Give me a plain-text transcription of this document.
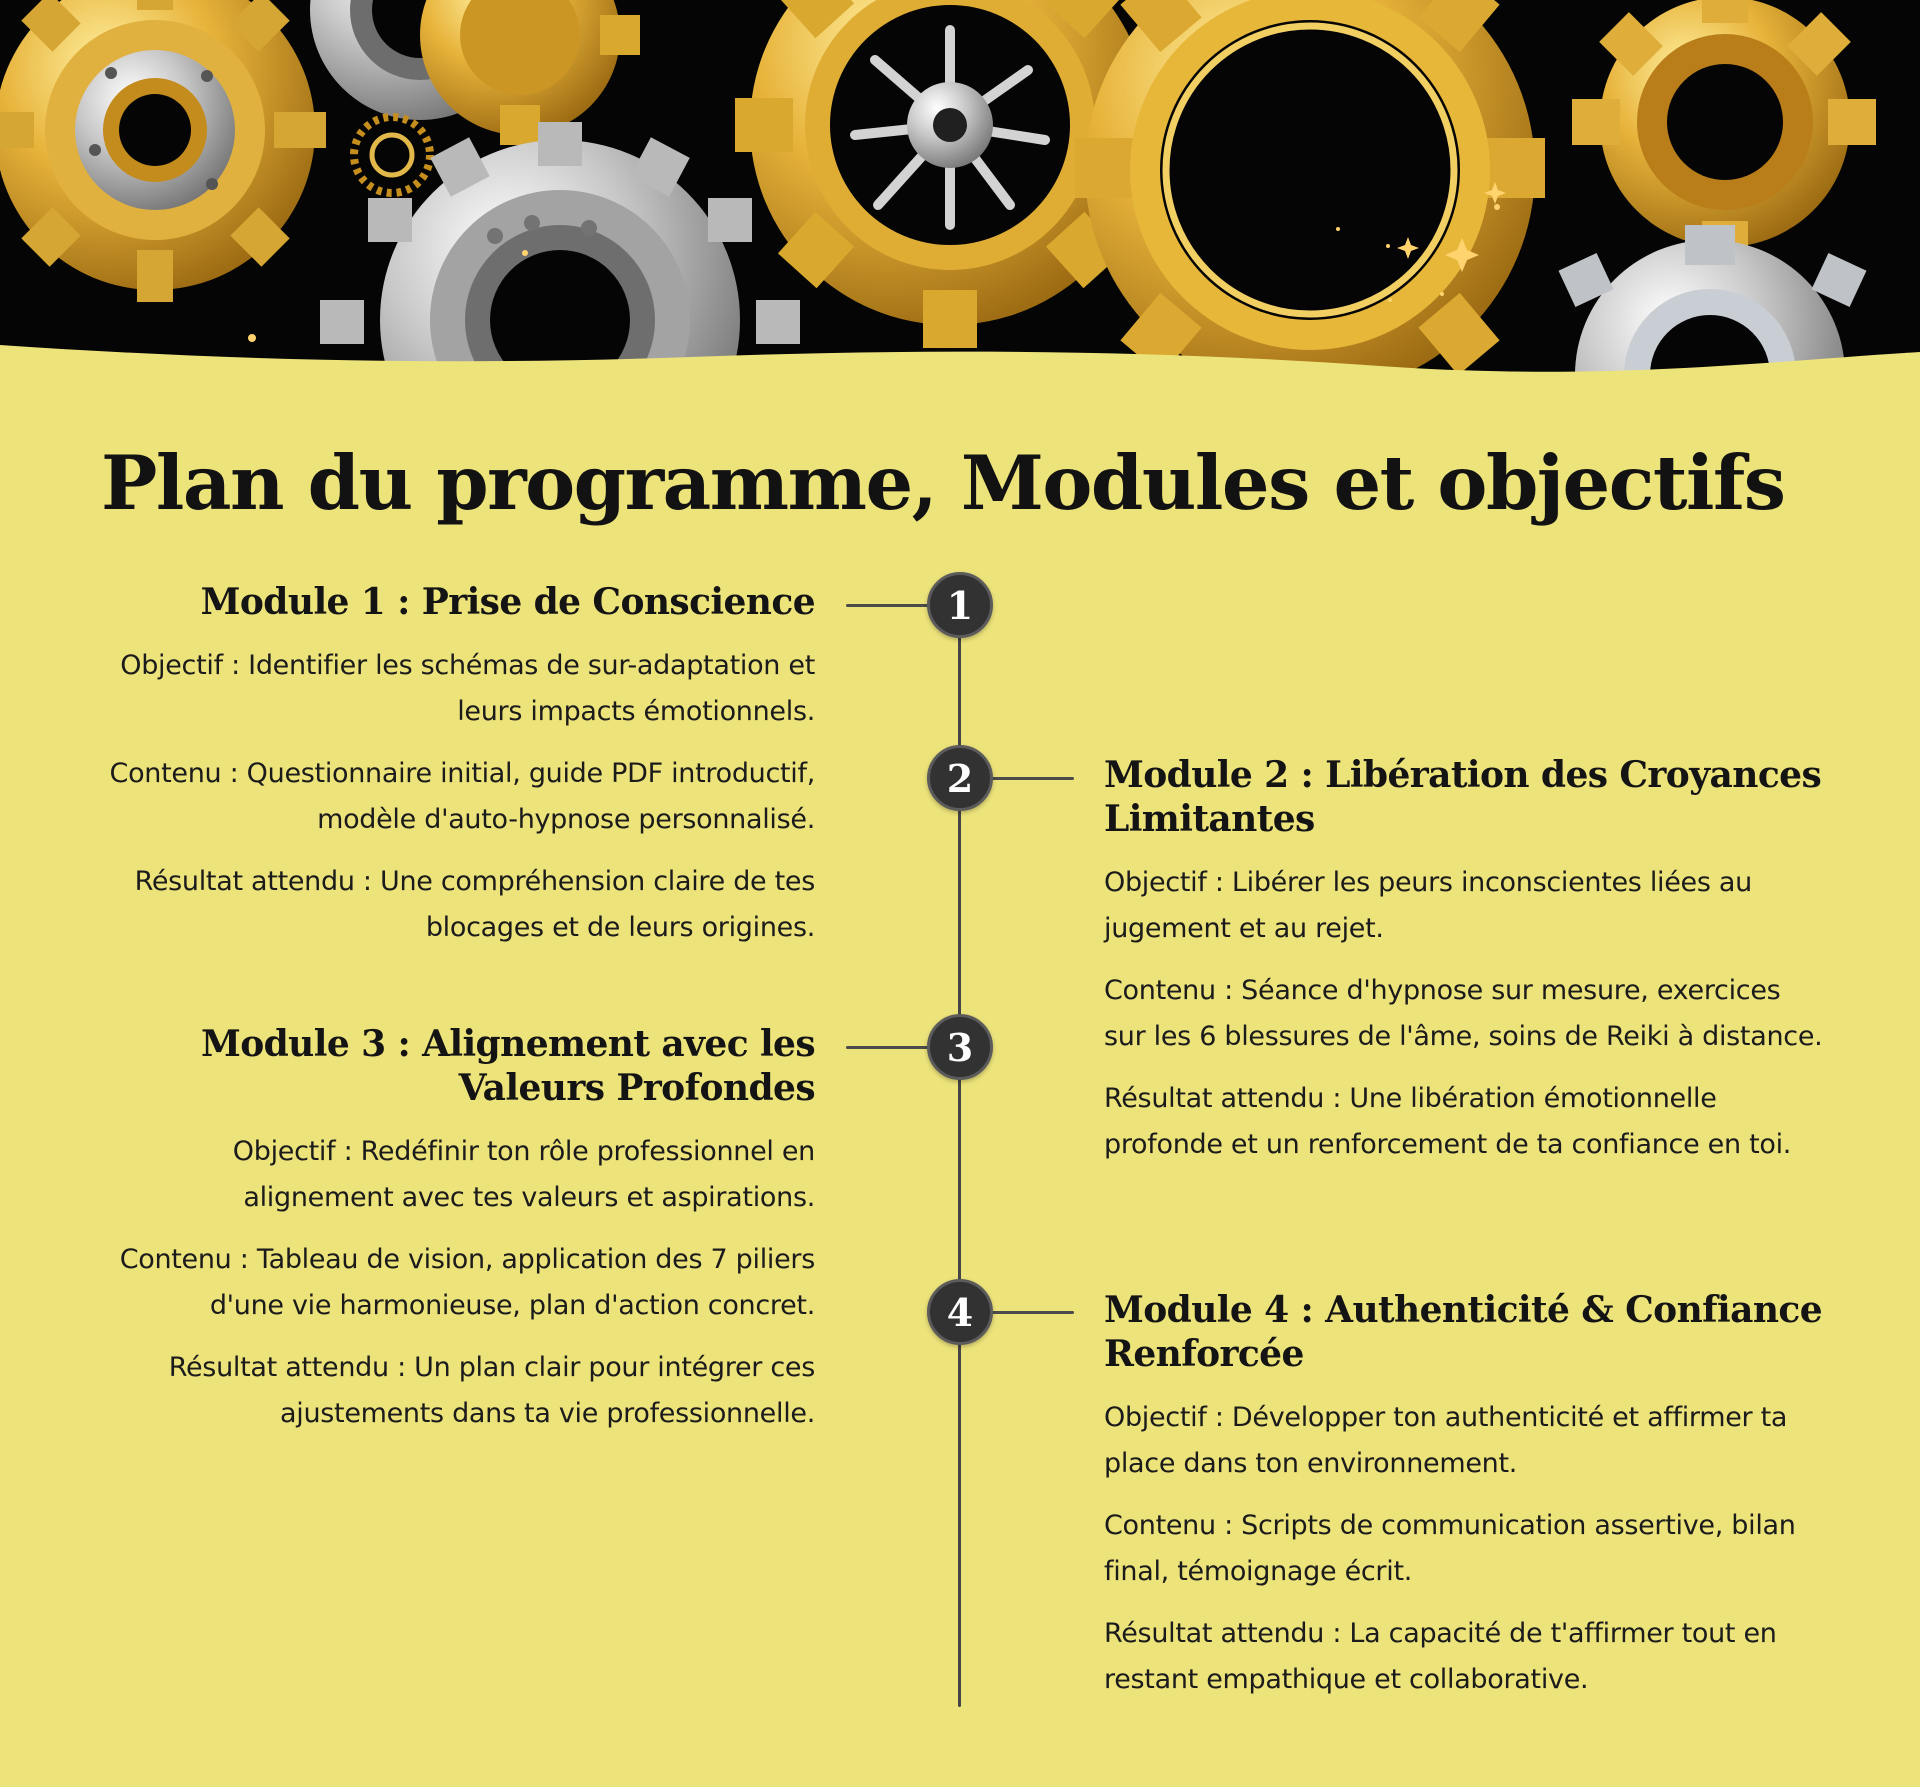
Plan du programme, Modules et objectifs
1
2
3
4
Module 1 : Prise de Conscience

Objectif : Identifier les schémas de sur-adaptation et leurs impacts émotionnels.

Contenu : Questionnaire initial, guide PDF introductif, modèle d'auto-hypnose personnalisé.

Résultat attendu : Une compréhension claire de tes blocages et de leurs origines.

Module 2 : Libération des Croyances Limitantes

Objectif : Libérer les peurs inconscientes liées au jugement et au rejet.

Contenu : Séance d'hypnose sur mesure, exercices sur les 6 blessures de l'âme, soins de Reiki à distance.

Résultat attendu : Une libération émotionnelle profonde et un renforcement de ta confiance en toi.

Module 3 : Alignement avec les Valeurs Profondes

Objectif : Redéfinir ton rôle professionnel en alignement avec tes valeurs et aspirations.

Contenu : Tableau de vision, application des 7 piliers d'une vie harmonieuse, plan d'action concret.

Résultat attendu : Un plan clair pour intégrer ces ajustements dans ta vie professionnelle.

Module 4 : Authenticité & Confiance Renforcée

Objectif : Développer ton authenticité et affirmer ta place dans ton environnement.

Contenu : Scripts de communication assertive, bilan final, témoignage écrit.

Résultat attendu : La capacité de t'affirmer tout en restant empathique et collaborative.
